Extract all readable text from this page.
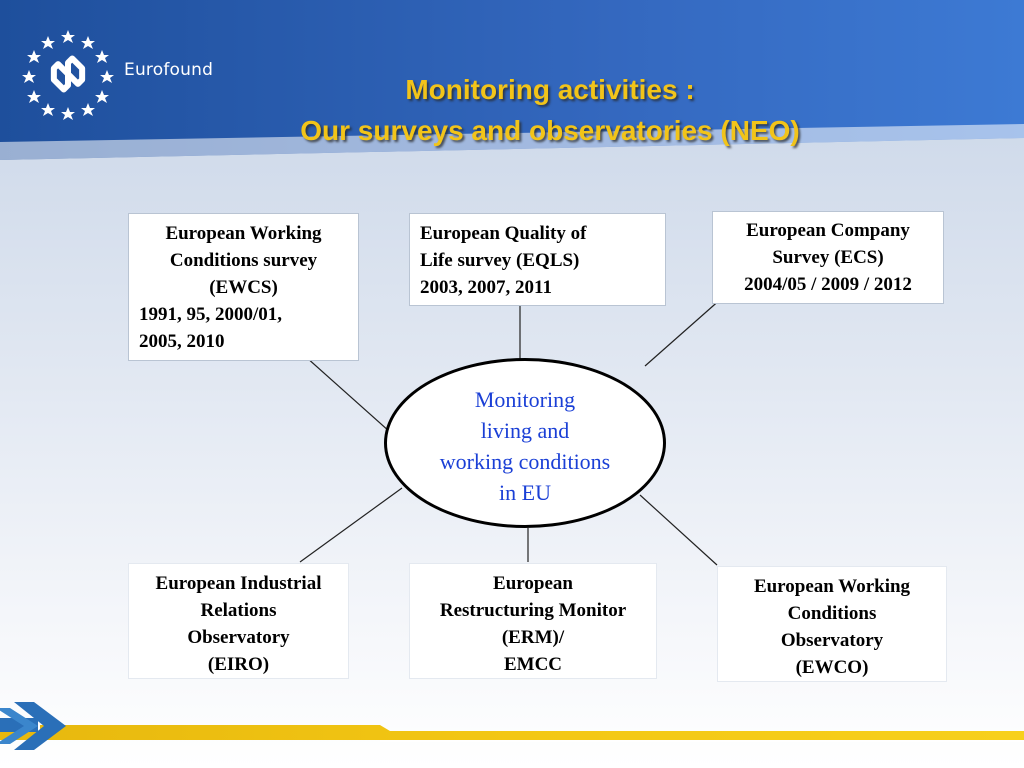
Eurofound
Monitoring activities :
Our surveys and observatories (NEO)
European Working
Conditions survey
(EWCS)
1991, 95, 2000/01,
2005, 2010
European Quality of
Life survey (EQLS)
2003, 2007, 2011
European Company
Survey (ECS)
2004/05 / 2009 / 2012
Monitoring
living and
working conditions
in EU
European Industrial
Relations
Observatory
(EIRO)
European
Restructuring Monitor
(ERM)/
EMCC
European Working
Conditions
Observatory
(EWCO)
